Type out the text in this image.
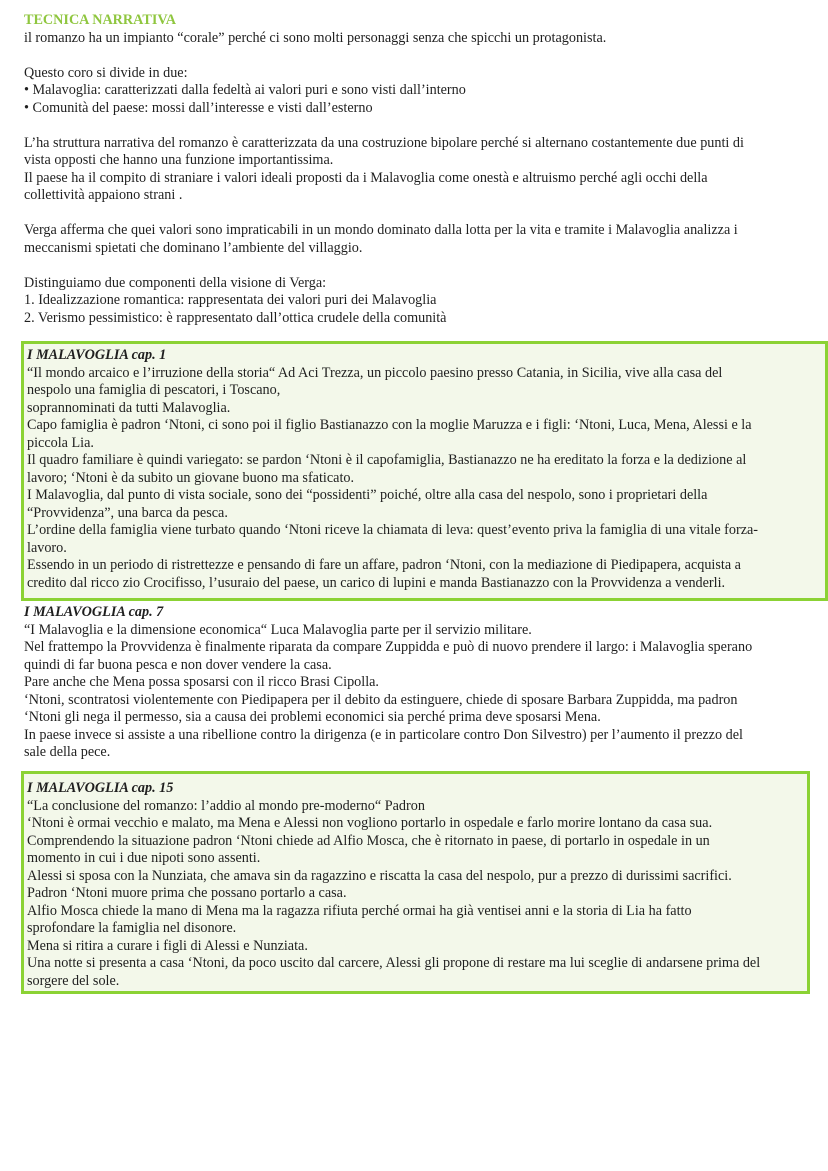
TECNICA NARRATIVA
il romanzo ha un impianto “corale” perché ci sono molti personaggi senza che spicchi un protagonista.
Questo coro si divide in due:
• Malavoglia: caratterizzati dalla fedeltà ai valori puri e sono visti dall’interno
• Comunità del paese: mossi dall’interesse e visti dall’esterno
L’ha struttura narrativa del romanzo è caratterizzata da una costruzione bipolare perché si alternano costantemente due punti di
vista opposti che hanno una funzione importantissima.
Il paese ha il compito di straniare i valori ideali proposti da i Malavoglia come onestà e altruismo perché agli occhi della
collettività appaiono strani .
Verga afferma che quei valori sono impraticabili in un mondo dominato dalla lotta per la vita e tramite i Malavoglia analizza i
meccanismi spietati che dominano l’ambiente del villaggio.
Distinguiamo due componenti della visione di Verga:
1. Idealizzazione romantica: rappresentata dei valori puri dei Malavoglia
2. Verismo pessimistico: è rappresentato dall’ottica crudele della comunità
I MALAVOGLIA cap. 1
“Il mondo arcaico e l’irruzione della storia“ Ad Aci Trezza, un piccolo paesino presso Catania, in Sicilia, vive alla casa del
nespolo una famiglia di pescatori, i Toscano,
soprannominati da tutti Malavoglia.
Capo famiglia è padron ‘Ntoni, ci sono poi il figlio Bastianazzo con la moglie Maruzza e i figli: ‘Ntoni, Luca, Mena, Alessi e la
piccola Lia.
Il quadro familiare è quindi variegato: se pardon ‘Ntoni è il capofamiglia, Bastianazzo ne ha ereditato la forza e la dedizione al
lavoro; ‘Ntoni è da subito un giovane buono ma sfaticato.
I Malavoglia, dal punto di vista sociale, sono dei “possidenti” poiché, oltre alla casa del nespolo, sono i proprietari della
“Provvidenza”, una barca da pesca.
L’ordine della famiglia viene turbato quando ‘Ntoni riceve la chiamata di leva: quest’evento priva la famiglia di una vitale forza-
lavoro.
Essendo in un periodo di ristrettezze e pensando di fare un affare, padron ‘Ntoni, con la mediazione di Piedipapera, acquista a
credito dal ricco zio Crocifisso, l’usuraio del paese, un carico di lupini e manda Bastianazzo con la Provvidenza a venderli.
I MALAVOGLIA cap. 7
“I Malavoglia e la dimensione economica“ Luca Malavoglia parte per il servizio militare.
Nel frattempo la Provvidenza è finalmente riparata da compare Zuppidda e può di nuovo prendere il largo: i Malavoglia sperano
quindi di far buona pesca e non dover vendere la casa.
Pare anche che Mena possa sposarsi con il ricco Brasi Cipolla.
‘Ntoni, scontratosi violentemente con Piedipapera per il debito da estinguere, chiede di sposare Barbara Zuppidda, ma padron
‘Ntoni gli nega il permesso, sia a causa dei problemi economici sia perché prima deve sposarsi Mena.
In paese invece si assiste a una ribellione contro la dirigenza (e in particolare contro Don Silvestro) per l’aumento il prezzo del
sale della pece.
I MALAVOGLIA cap. 15
“La conclusione del romanzo: l’addio al mondo pre-moderno“ Padron
‘Ntoni è ormai vecchio e malato, ma Mena e Alessi non vogliono portarlo in ospedale e farlo morire lontano da casa sua.
Comprendendo la situazione padron ‘Ntoni chiede ad Alfio Mosca, che è ritornato in paese, di portarlo in ospedale in un
momento in cui i due nipoti sono assenti.
Alessi si sposa con la Nunziata, che amava sin da ragazzino e riscatta la casa del nespolo, pur a prezzo di durissimi sacrifici.
Padron ‘Ntoni muore prima che possano portarlo a casa.
Alfio Mosca chiede la mano di Mena ma la ragazza rifiuta perché ormai ha già ventisei anni e la storia di Lia ha fatto
sprofondare la famiglia nel disonore.
Mena si ritira a curare i figli di Alessi e Nunziata.
Una notte si presenta a casa ‘Ntoni, da poco uscito dal carcere, Alessi gli propone di restare ma lui sceglie di andarsene prima del
sorgere del sole.
